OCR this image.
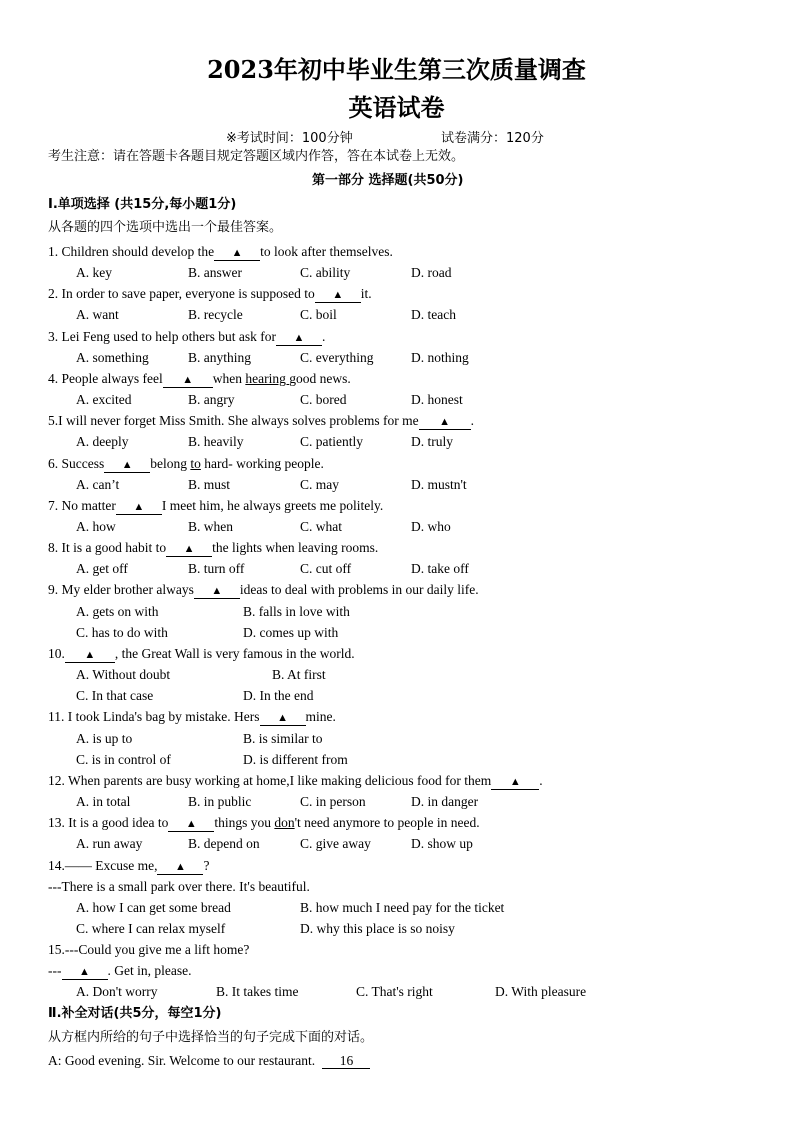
2023年初中毕业生第三次质量调查
英语试卷
※考试时间：100分钟	试卷满分：120分
考生注意：请在答题卡各题目规定答题区域内作答，答在本试卷上无效。
第一部分 选择题(共50分)
Ⅰ.单项选择 (共15分,每小题1分)
从各题的四个选项中选出一个最佳答案。
1. Children should develop the ▲ to look after themselves.
A. key	B. answer	C. ability	D. road
2. In order to save paper, everyone is supposed to ▲ it.
A. want	B. recycle	C. boil	D. teach
3. Lei Feng used to help others but ask for ▲ .
A. something	B. anything	C. everything	D. nothing
4. People always feel ▲ when hearing good news.
A. excited	B. angry	C. bored	D. honest
5.I will never forget Miss Smith. She always solves problems for me ▲ .
A. deeply	B. heavily	C. patiently	D. truly
6. Success ▲ belong to hard- working people.
A. can’t	B. must	C. may	D. mustn't
7. No matter ▲ I meet him, he always greets me politely.
A. how	B. when	C. what	D. who
8. It is a good habit to ▲ the lights when leaving rooms.
A. get off	B. turn off	C. cut off	D. take off
9. My elder brother always ▲ ideas to deal with problems in our daily life.
A. gets on with	B. falls in love with
C. has to do with	D. comes up with
10. ▲ , the Great Wall is very famous in the world.
A. Without doubt	B. At first
C. In that case	D. In the end
11. I took Linda's bag by mistake. Hers ▲ mine.
A. is up to	B. is similar to
C. is in control of	D. is different from
12. When parents are busy working at home,I like making delicious food for them ▲ .
A. in total	B. in public	C. in person	D. in danger
13. It is a good idea to ▲ things you don't need anymore to people in need.
A. run away	B. depend on	C. give away	D. show up
14.—— Excuse me, ▲ ?
---There is a small park over there. It's beautiful.
A. how I can get some bread	B. how much I need pay for the ticket
C. where I can relax myself	D. why this place is so noisy
15.---Could you give me a lift home?
--- ▲ . Get in, please.
A. Don't worry	B. It takes time	C. That's right	D. With pleasure
Ⅱ.补全对话(共5分，每空1分)
从方框内所给的句子中选择恰当的句子完成下面的对话。
A: Good evening. Sir. Welcome to our restaurant. 16
